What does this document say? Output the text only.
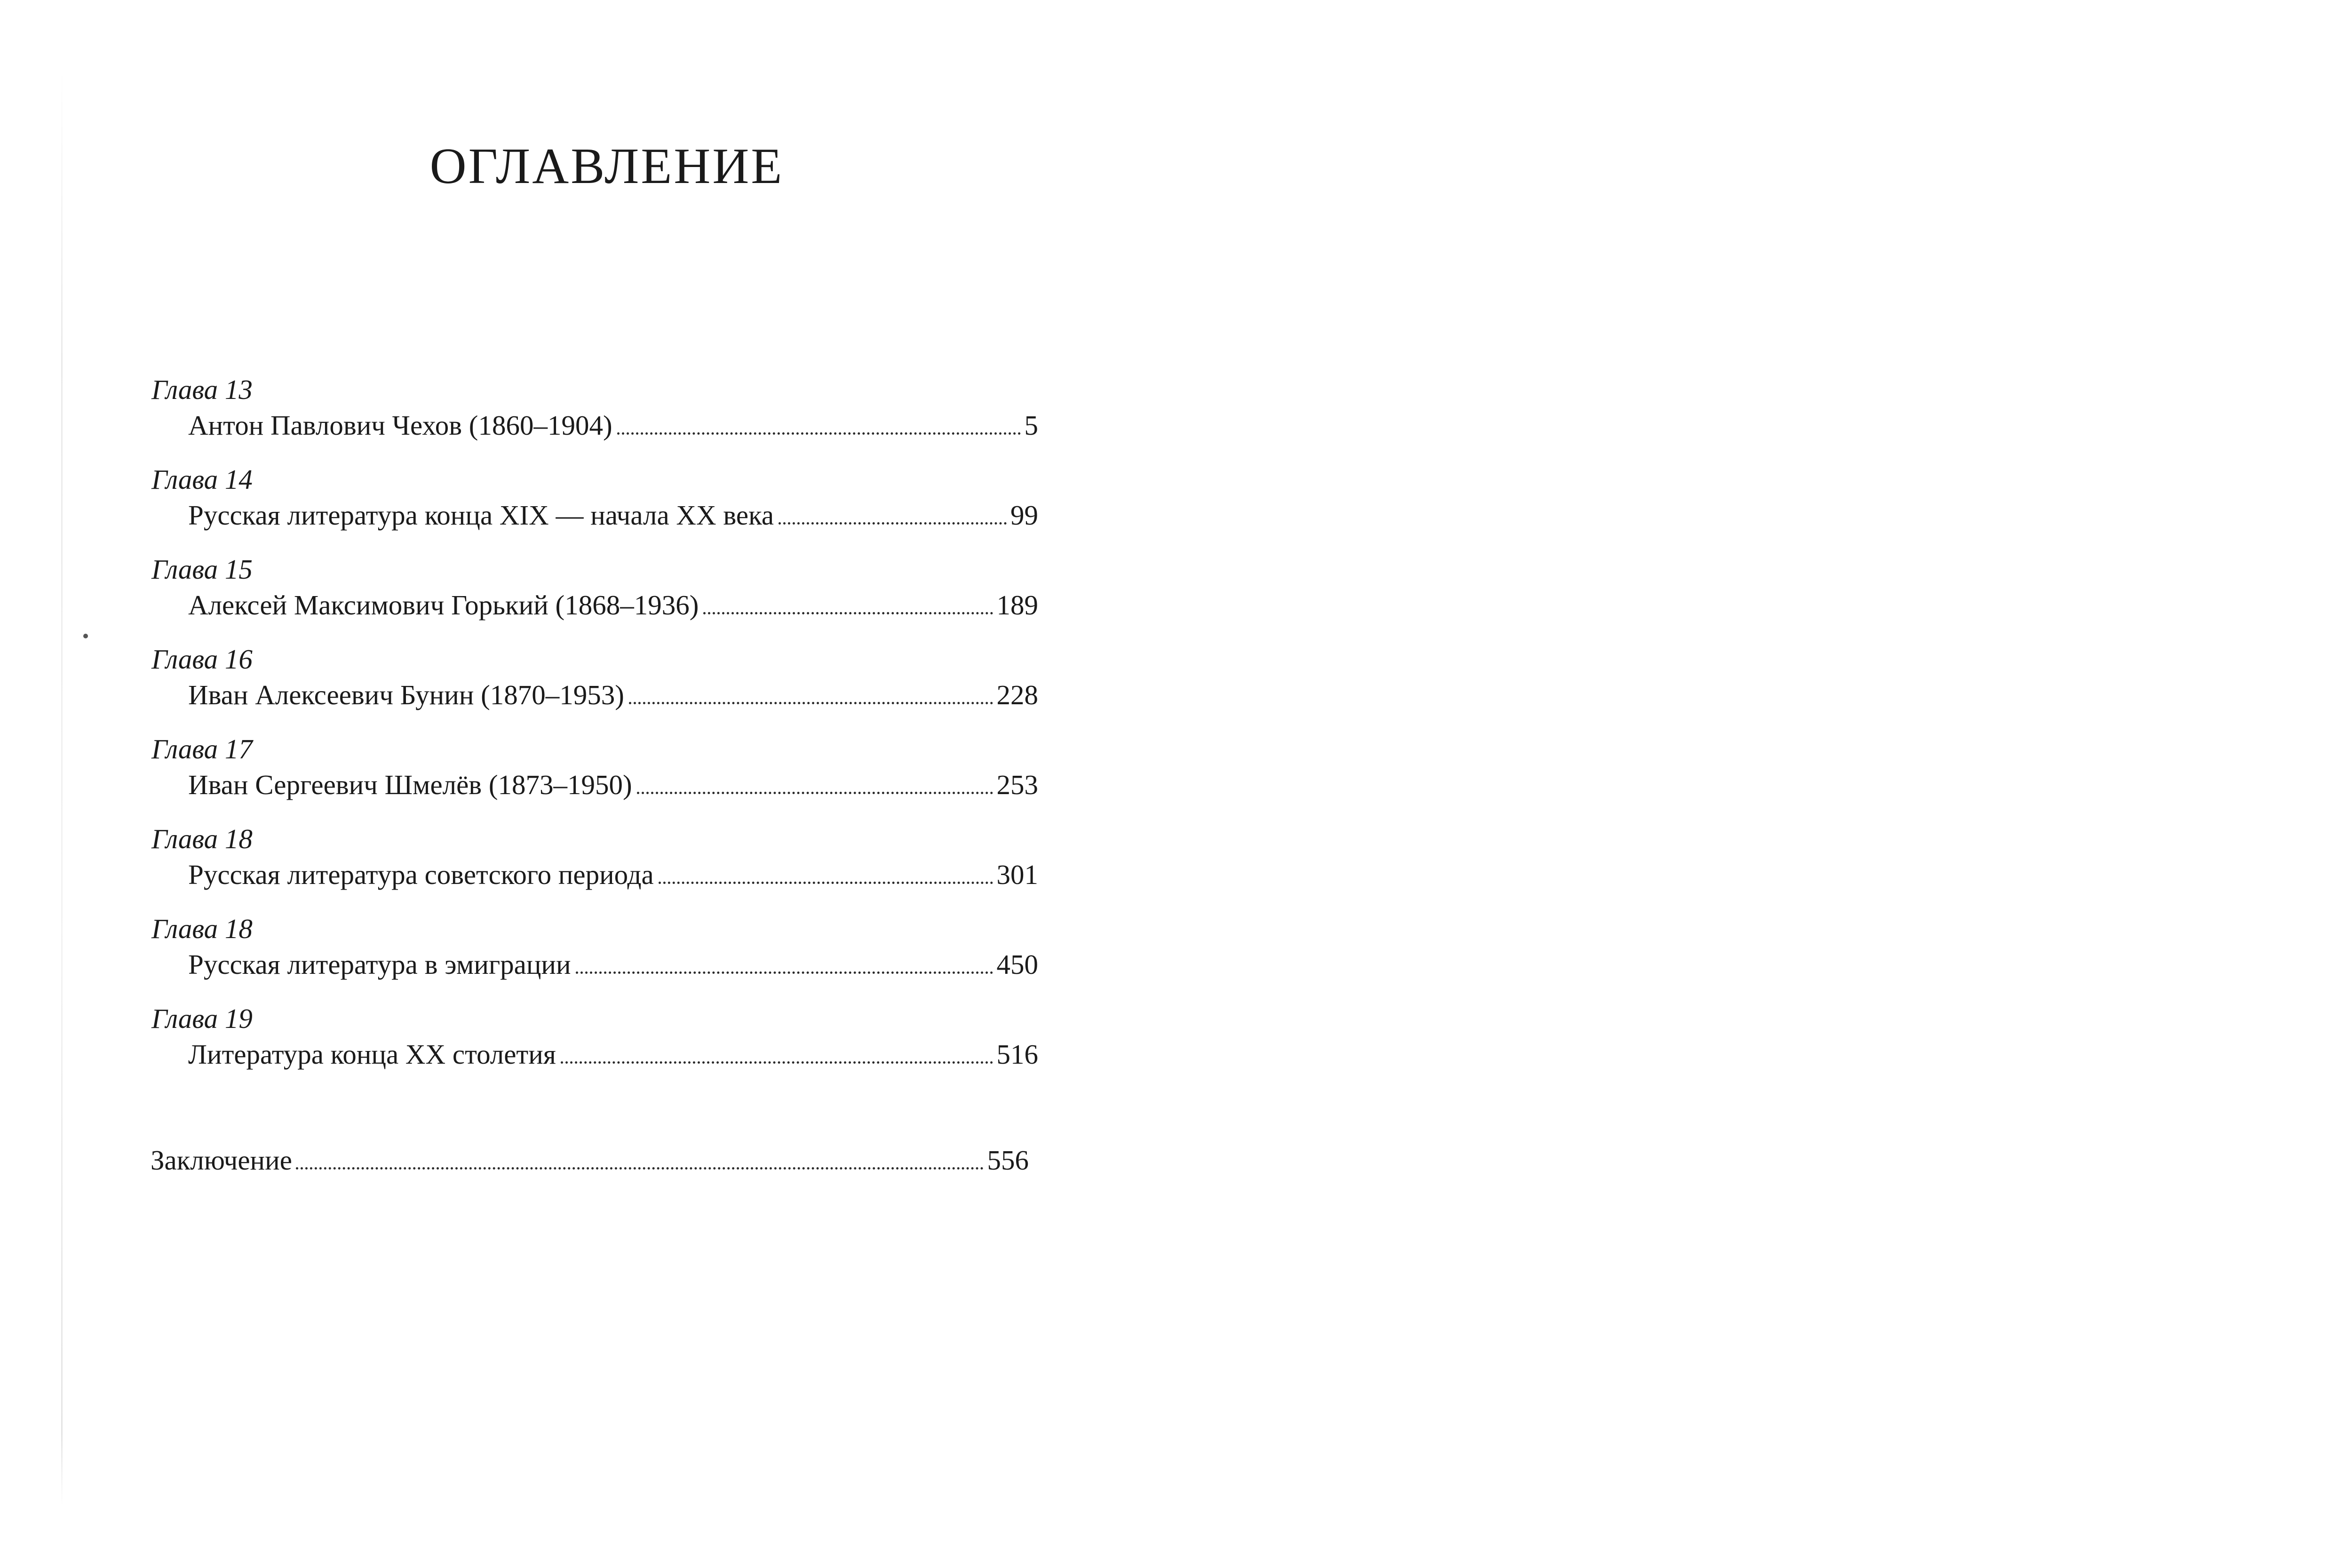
ОГЛАВЛЕНИЕ
Глава 13
Антон Павлович Чехов (1860–1904)	5
Глава 14
Русская литература конца XIX — начала XX века	99
Глава 15
Алексей Максимович Горький (1868–1936)	189
Глава 16
Иван Алексеевич Бунин (1870–1953)	228
Глава 17
Иван Сергеевич Шмелёв (1873–1950)	253
Глава 18
Русская литература советского периода	301
Глава 18
Русская литература в эмиграции	450
Глава 19
Литература конца XX столетия	516
Заключение	556
